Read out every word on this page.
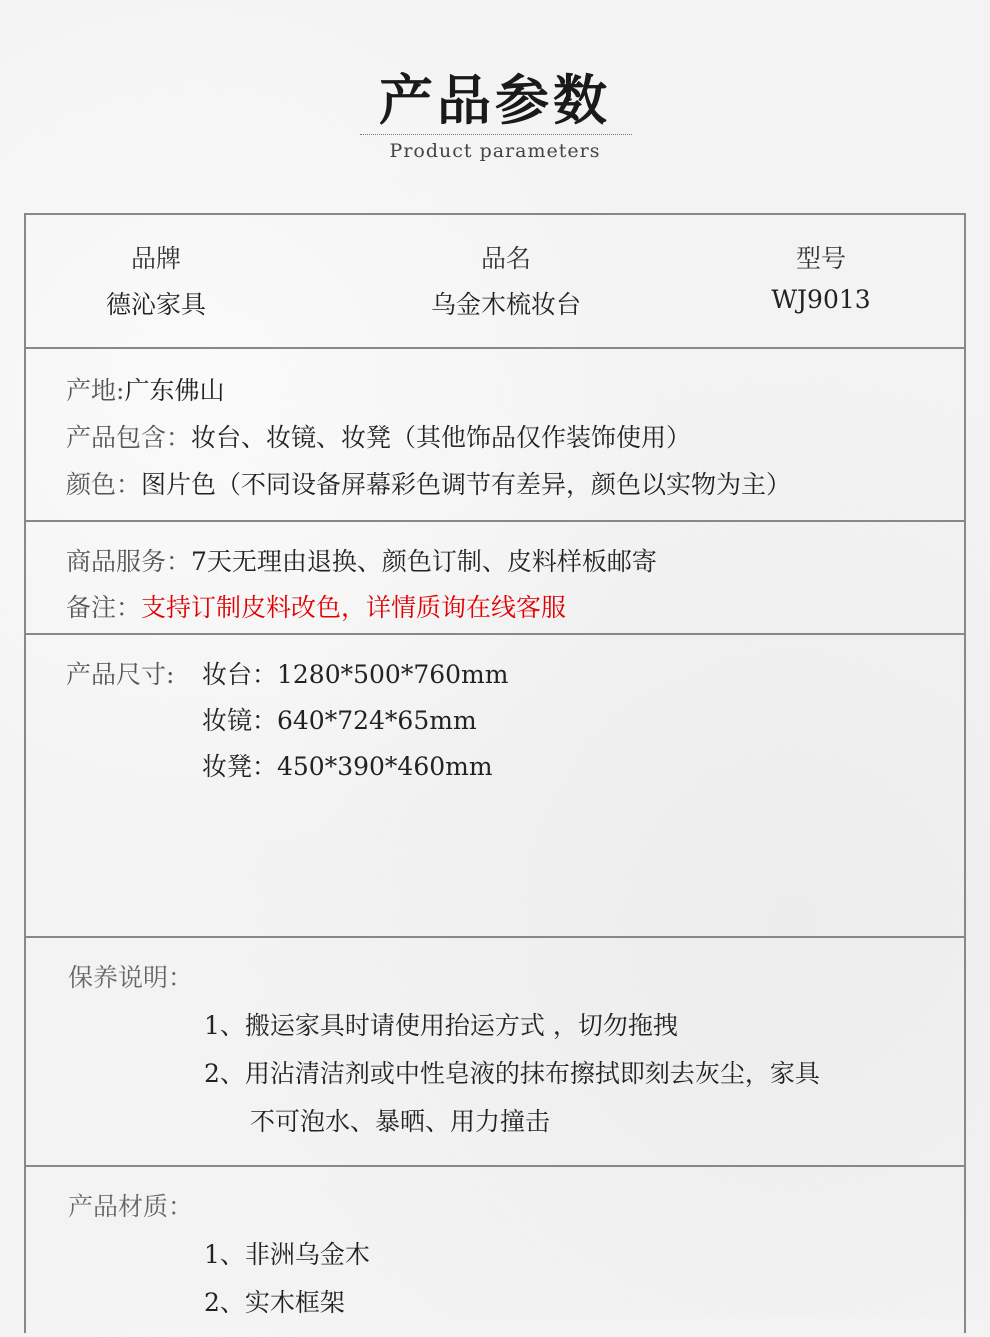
产品参数
Product parameters
品牌
德沁家具
品名
乌金木梳妆台
型号
WJ9013
产地:广东佛山
产品包含：妆台、妆镜、妆凳（其他饰品仅作装饰使用）
颜色：图片色（不同设备屏幕彩色调节有差异，颜色以实物为主）
商品服务：7天无理由退换、颜色订制、皮料样板邮寄
备注：支持订制皮料改色，详情质询在线客服
产品尺寸: 妆台：1280*500*760mm
妆镜：640*724*65mm
妆凳：450*390*460mm
保养说明：
1、搬运家具时请使用抬运方式 ，切勿拖拽
2、用沾清洁剂或中性皂液的抹布擦拭即刻去灰尘，家具
不可泡水、暴晒、用力撞击
产品材质：
1、非洲乌金木
2、实木框架
